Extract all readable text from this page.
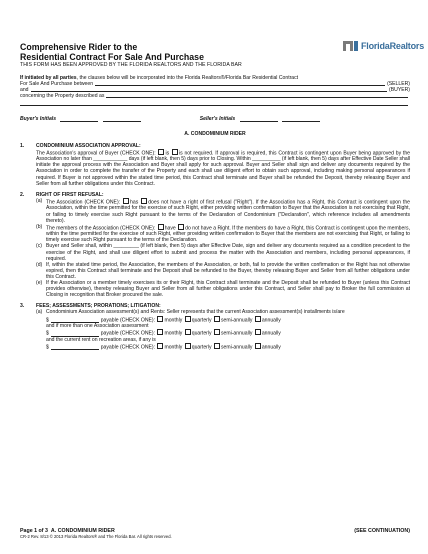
FloridaRealtors
Comprehensive Rider to the
Residential Contract For Sale And Purchase
THIS FORM HAS BEEN APPROVED BY THE FLORIDA REALTORS AND THE FLORIDA BAR
If initiated by all parties, the clauses below will be incorporated into the Florida Realtors®/Florida Bar Residential Contract
For Sale And Purchase between	(SELLER)
and	(BUYER)
concerning the Property described as
Buyer's Initials	Seller's Initials
A. CONDOMINIUM RIDER
1.	CONDOMINIUM ASSOCIATION APPROVAL:
The Association's approval of Buyer (CHECK ONE): is is not required. If approval is required, this Contract is contingent upon Buyer being approved by the Association no later than ____________ days (if left blank, then 5) days prior to Closing. Within __________ (if left blank, then 5) days after Effective Date Seller shall initiate the approval process with the Association and Buyer shall apply for such approval. Buyer and Seller shall sign and deliver any documents required by the Association in order to complete the transfer of the Property and each shall use diligent effort to obtain such approval, including making personal appearances if required. If Buyer is not approved within the stated time period, this Contract shall terminate and Buyer shall be refunded the Deposit, thereby releasing Buyer and Seller from all further obligations under this Contract.
2.	RIGHT OF FIRST REFUSAL:
(a) The Association (CHECK ONE): has does not have a right of first refusal ("Right"). If the Association has a Right, this Contract is contingent upon the Association, within the time permitted for the exercise of such Right, either providing written confirmation to Buyer that the Association is not exercising that Right, or failing to timely exercise such Right pursuant to the terms of the Declaration of Condominium ("Declaration", which reference includes all amendments thereto).
(b) The members of the Association (CHECK ONE): have do not have a Right. If the members do have a Right, this Contract is contingent upon the members, within the time permitted for the exercise of such Right, either providing written confirmation to Buyer that the members are not exercising that Right, or failing to timely exercise such Right pursuant to the terms of the Declaration.
(c) Buyer and Seller shall, within _________ (if left blank, then 5) days after Effective Date, sign and deliver any documents required as a condition precedent to the exercise of the Right, and shall use diligent effort to submit and process the matter with the Association and members, including personal appearances, if required.
(d) If, within the stated time period, the Association, the members of the Association, or both, fail to provide the written confirmation or the Right has not otherwise expired, then this Contract shall terminate and the Deposit shall be refunded to the Buyer, thereby releasing Buyer and Seller from all further obligations under this Contract.
(e) If the Association or a member timely exercises its or their Right, this Contract shall terminate and the Deposit shall be refunded to Buyer (unless this Contract provides otherwise), thereby releasing Buyer and Seller from all further obligations under this Contract, and Seller shall pay to Broker the full commission at Closing in recognition that Broker procured the sale.
3.	FEES; ASSESSMENTS; PRORATIONS; LITIGATION:
(a) Condominium Association assessment(s) and Rents: Seller represents that the current Association assessment(s) installments is/are
$	payable (CHECK ONE): monthly quarterly semi-annually annually
and if more than one Association assessment
$	payable (CHECK ONE): monthly quarterly semi-annually annually
and the current rent on recreation areas, if any is
$	payable (CHECK ONE): monthly quarterly semi-annually annually
Page 1 of 3 A. CONDOMINIUM RIDER	(SEE CONTINUATION)
CR-2 Rev. 8/13 © 2013 Florida Realtors® and The Florida Bar. All rights reserved.
